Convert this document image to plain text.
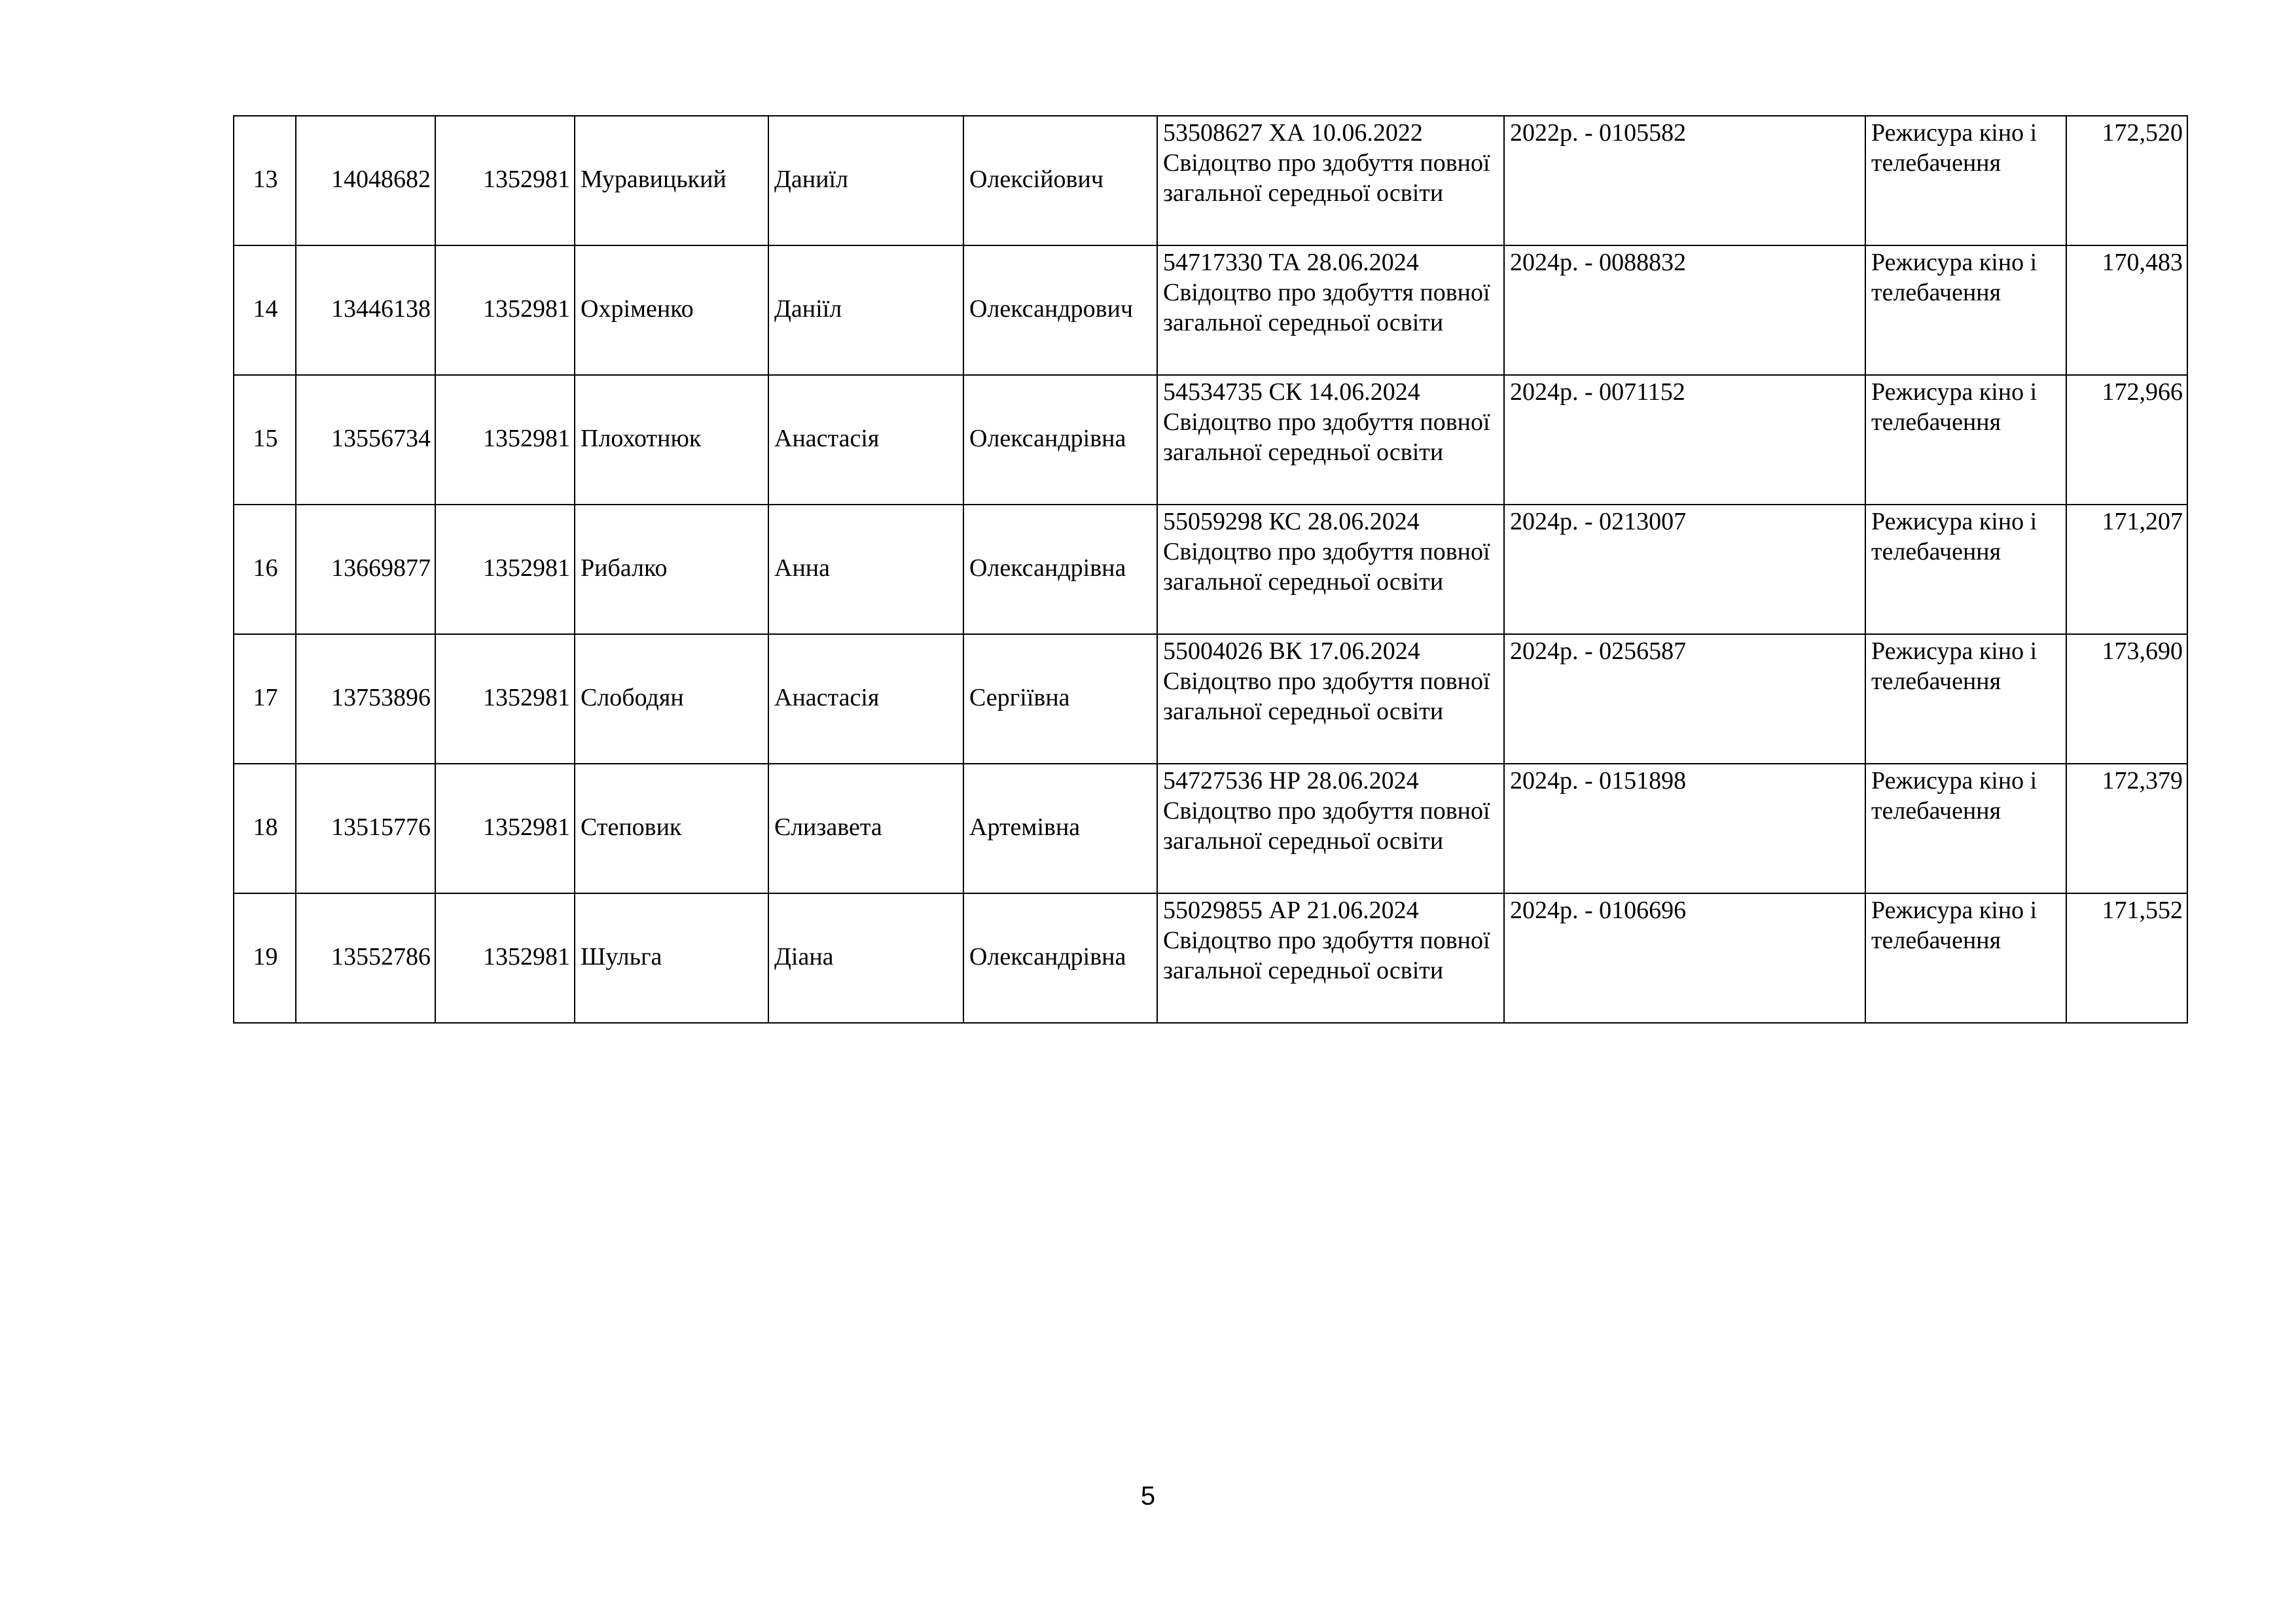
13	14048682	1352981	Муравицький	Даниїл	Олексійович	53508627 ХА 10.06.2022
Свідоцтво про здобуття повної загальної середньої освіти	2022р. - 0105582	Режисура кіно і телебачення	172,520
14	13446138	1352981	Охріменко	Даніїл	Олександрович	54717330 ТА 28.06.2024
Свідоцтво про здобуття повної загальної середньої освіти	2024р. - 0088832	Режисура кіно і телебачення	170,483
15	13556734	1352981	Плохотнюк	Анастасія	Олександрівна	54534735 СК 14.06.2024
Свідоцтво про здобуття повної загальної середньої освіти	2024р. - 0071152	Режисура кіно і телебачення	172,966
16	13669877	1352981	Рибалко	Анна	Олександрівна	55059298 КС 28.06.2024
Свідоцтво про здобуття повної загальної середньої освіти	2024р. - 0213007	Режисура кіно і телебачення	171,207
17	13753896	1352981	Слободян	Анастасія	Сергіївна	55004026 ВК 17.06.2024
Свідоцтво про здобуття повної загальної середньої освіти	2024р. - 0256587	Режисура кіно і телебачення	173,690
18	13515776	1352981	Степовик	Єлизавета	Артемівна	54727536 НР 28.06.2024
Свідоцтво про здобуття повної загальної середньої освіти	2024р. - 0151898	Режисура кіно і телебачення	172,379
19	13552786	1352981	Шульга	Діана	Олександрівна	55029855 АР 21.06.2024
Свідоцтво про здобуття повної загальної середньої освіти	2024р. - 0106696	Режисура кіно і телебачення	171,552
5
